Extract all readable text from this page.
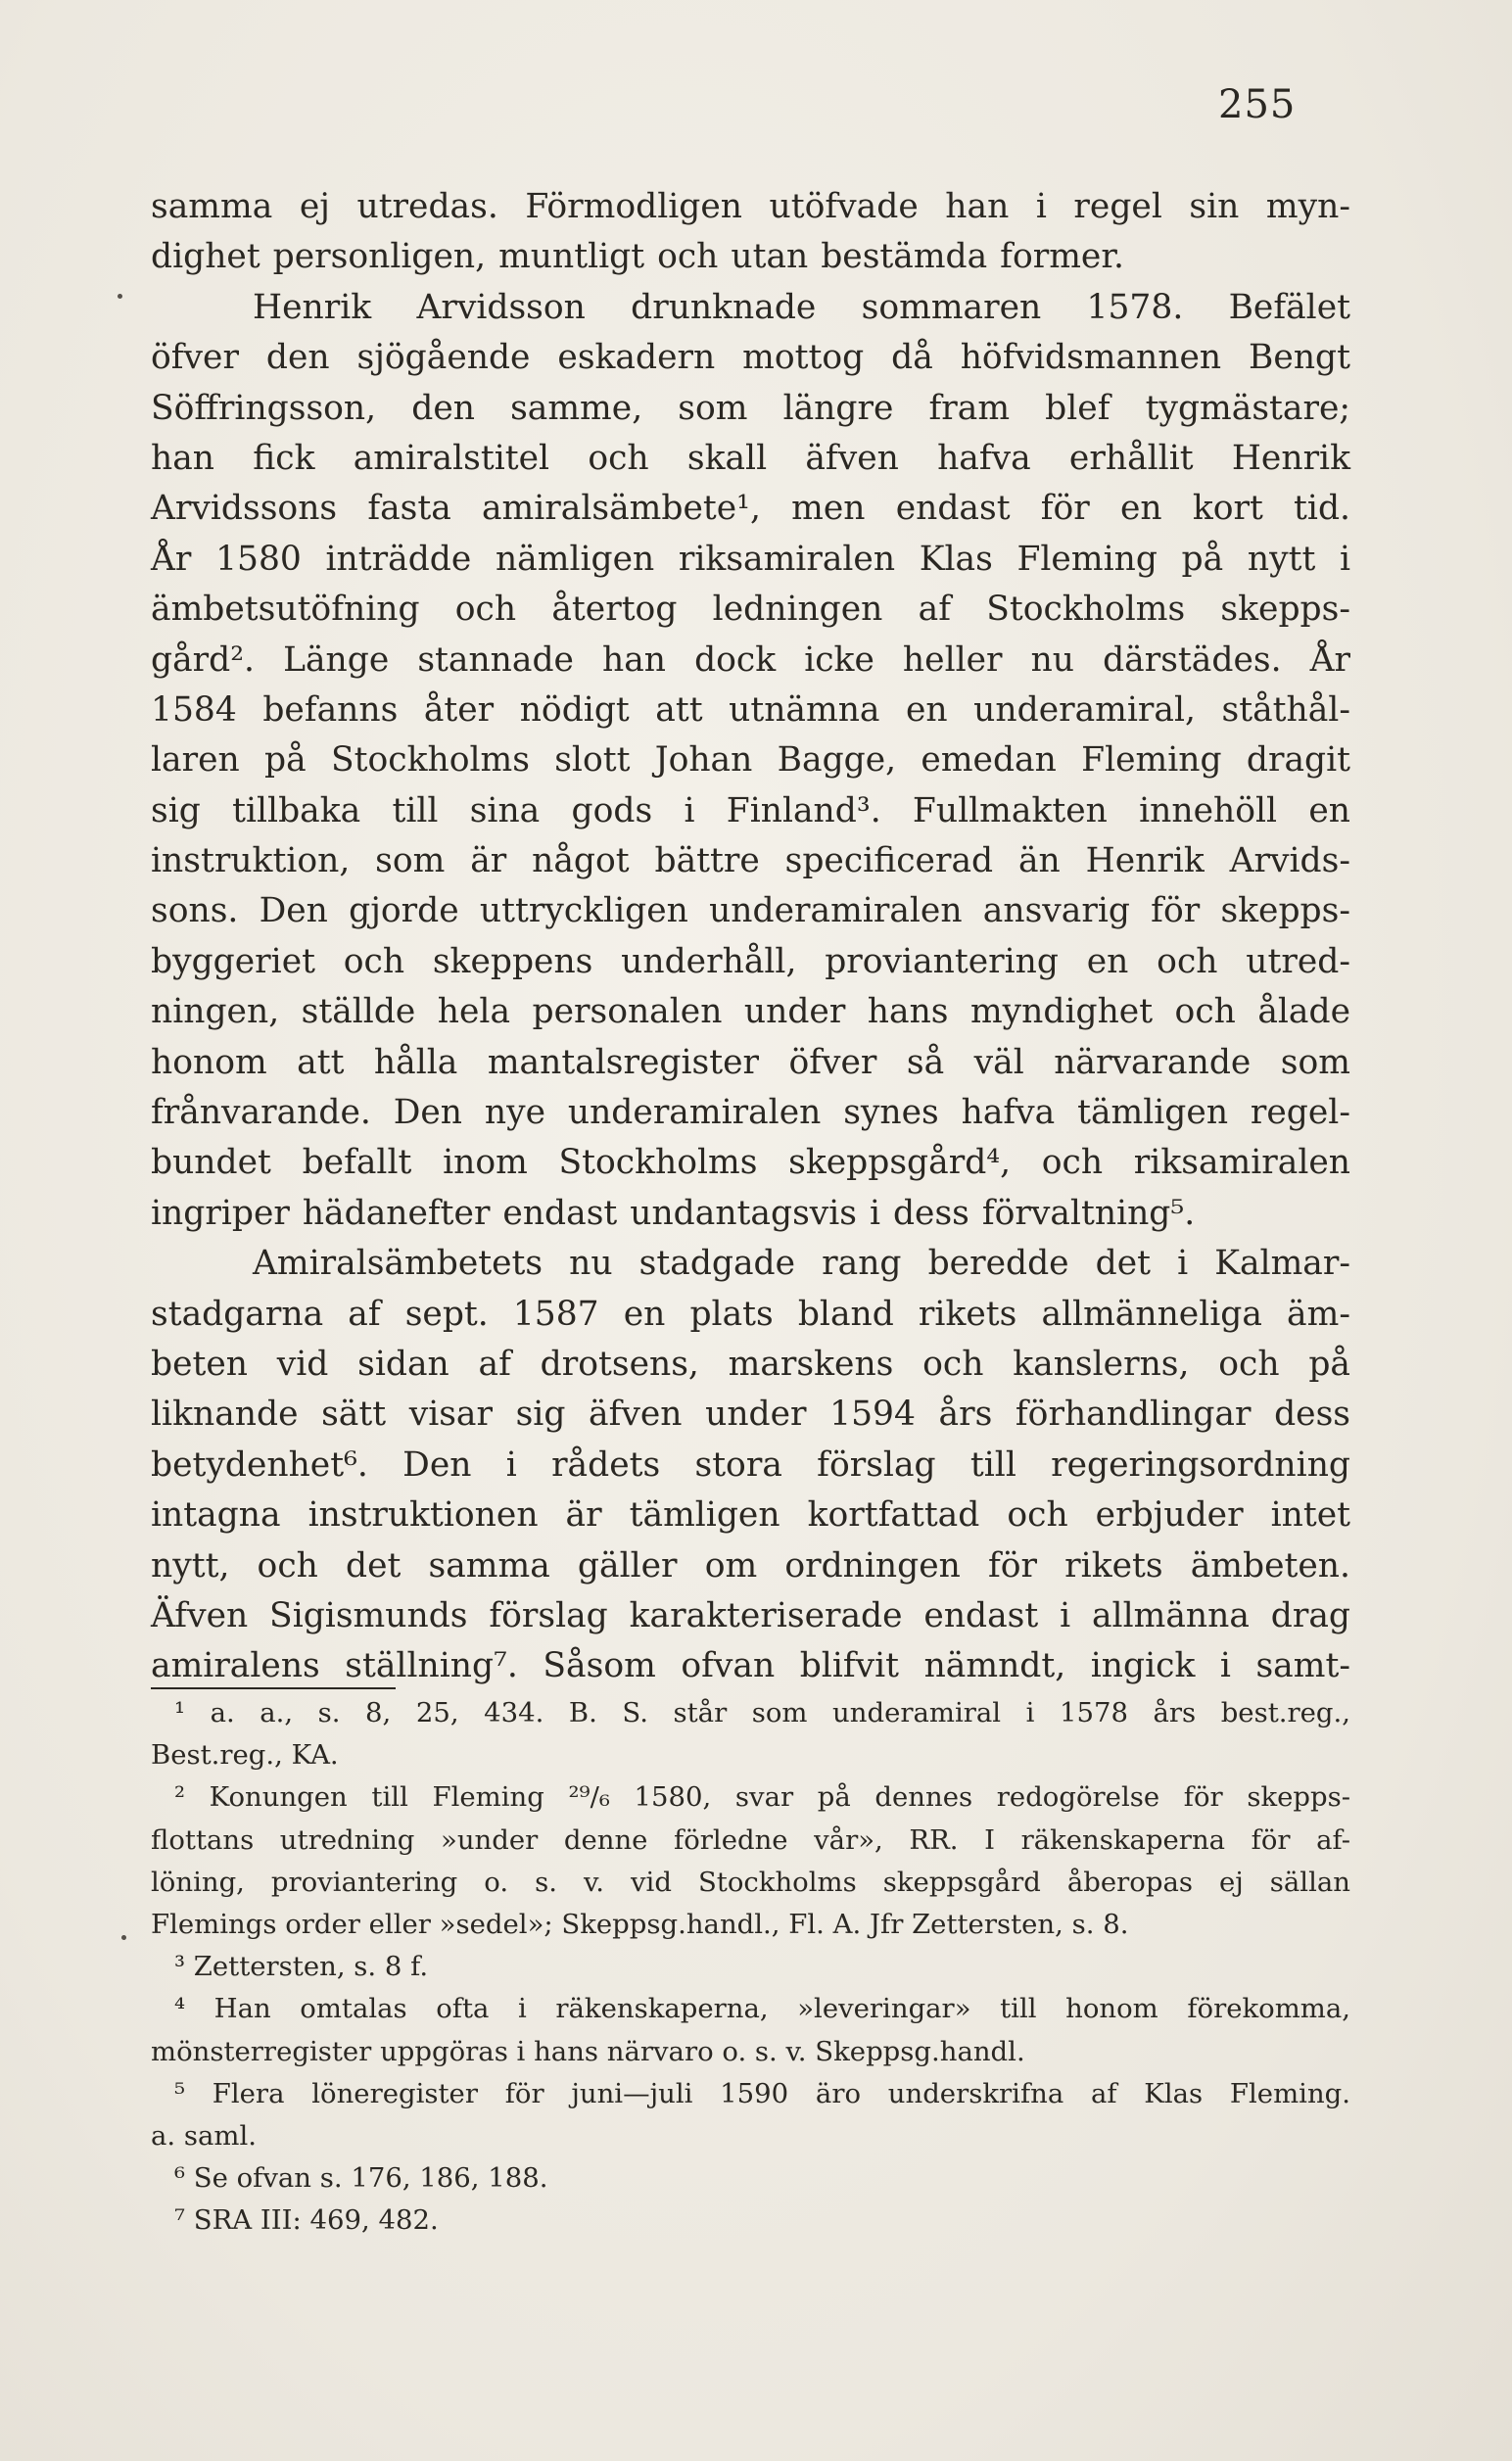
255
samma ej utredas. Förmodligen utöfvade han i regel sin myn-
dighet personligen, muntligt och utan bestämda former.
Henrik Arvidsson drunknade sommaren 1578. Befälet
öfver den sjögående eskadern mottog då höfvidsmannen Bengt
Söffringsson, den samme, som längre fram blef tygmästare;
han fick amiralstitel och skall äfven hafva erhållit Henrik
Arvidssons fasta amiralsämbete¹, men endast för en kort tid.
År 1580 inträdde nämligen riksamiralen Klas Fleming på nytt i
ämbetsutöfning och återtog ledningen af Stockholms skepps-
gård². Länge stannade han dock icke heller nu därstädes. År
1584 befanns åter nödigt att utnämna en underamiral, ståthål-
laren på Stockholms slott Johan Bagge, emedan Fleming dragit
sig tillbaka till sina gods i Finland³. Fullmakten innehöll en
instruktion, som är något bättre specificerad än Henrik Arvids-
sons. Den gjorde uttryckligen underamiralen ansvarig för skepps-
byggeriet och skeppens underhåll, proviantering en och utred-
ningen, ställde hela personalen under hans myndighet och ålade
honom att hålla mantalsregister öfver så väl närvarande som
frånvarande. Den nye underamiralen synes hafva tämligen regel-
bundet befallt inom Stockholms skeppsgård⁴, och riksamiralen
ingriper hädanefter endast undantagsvis i dess förvaltning⁵.
Amiralsämbetets nu stadgade rang beredde det i Kalmar-
stadgarna af sept. 1587 en plats bland rikets allmänneliga äm-
beten vid sidan af drotsens, marskens och kanslerns, och på
liknande sätt visar sig äfven under 1594 års förhandlingar dess
betydenhet⁶. Den i rådets stora förslag till regeringsordning
intagna instruktionen är tämligen kortfattad och erbjuder intet
nytt, och det samma gäller om ordningen för rikets ämbeten.
Äfven Sigismunds förslag karakteriserade endast i allmänna drag
amiralens ställning⁷. Såsom ofvan blifvit nämndt, ingick i samt-
¹ a. a., s. 8, 25, 434. B. S. står som underamiral i 1578 års best.reg.,
Best.reg., KA.
² Konungen till Fleming ²⁹/₆ 1580, svar på dennes redogörelse för skepps-
flottans utredning »under denne förledne vår», RR. I räkenskaperna för af-
löning, proviantering o. s. v. vid Stockholms skeppsgård åberopas ej sällan
Flemings order eller »sedel»; Skeppsg.handl., Fl. A. Jfr Zettersten, s. 8.
³ Zettersten, s. 8 f.
⁴ Han omtalas ofta i räkenskaperna, »leveringar» till honom förekomma,
mönsterregister uppgöras i hans närvaro o. s. v. Skeppsg.handl.
⁵ Flera löneregister för juni—juli 1590 äro underskrifna af Klas Fleming.
a. saml.
⁶ Se ofvan s. 176, 186, 188.
⁷ SRA III: 469, 482.
